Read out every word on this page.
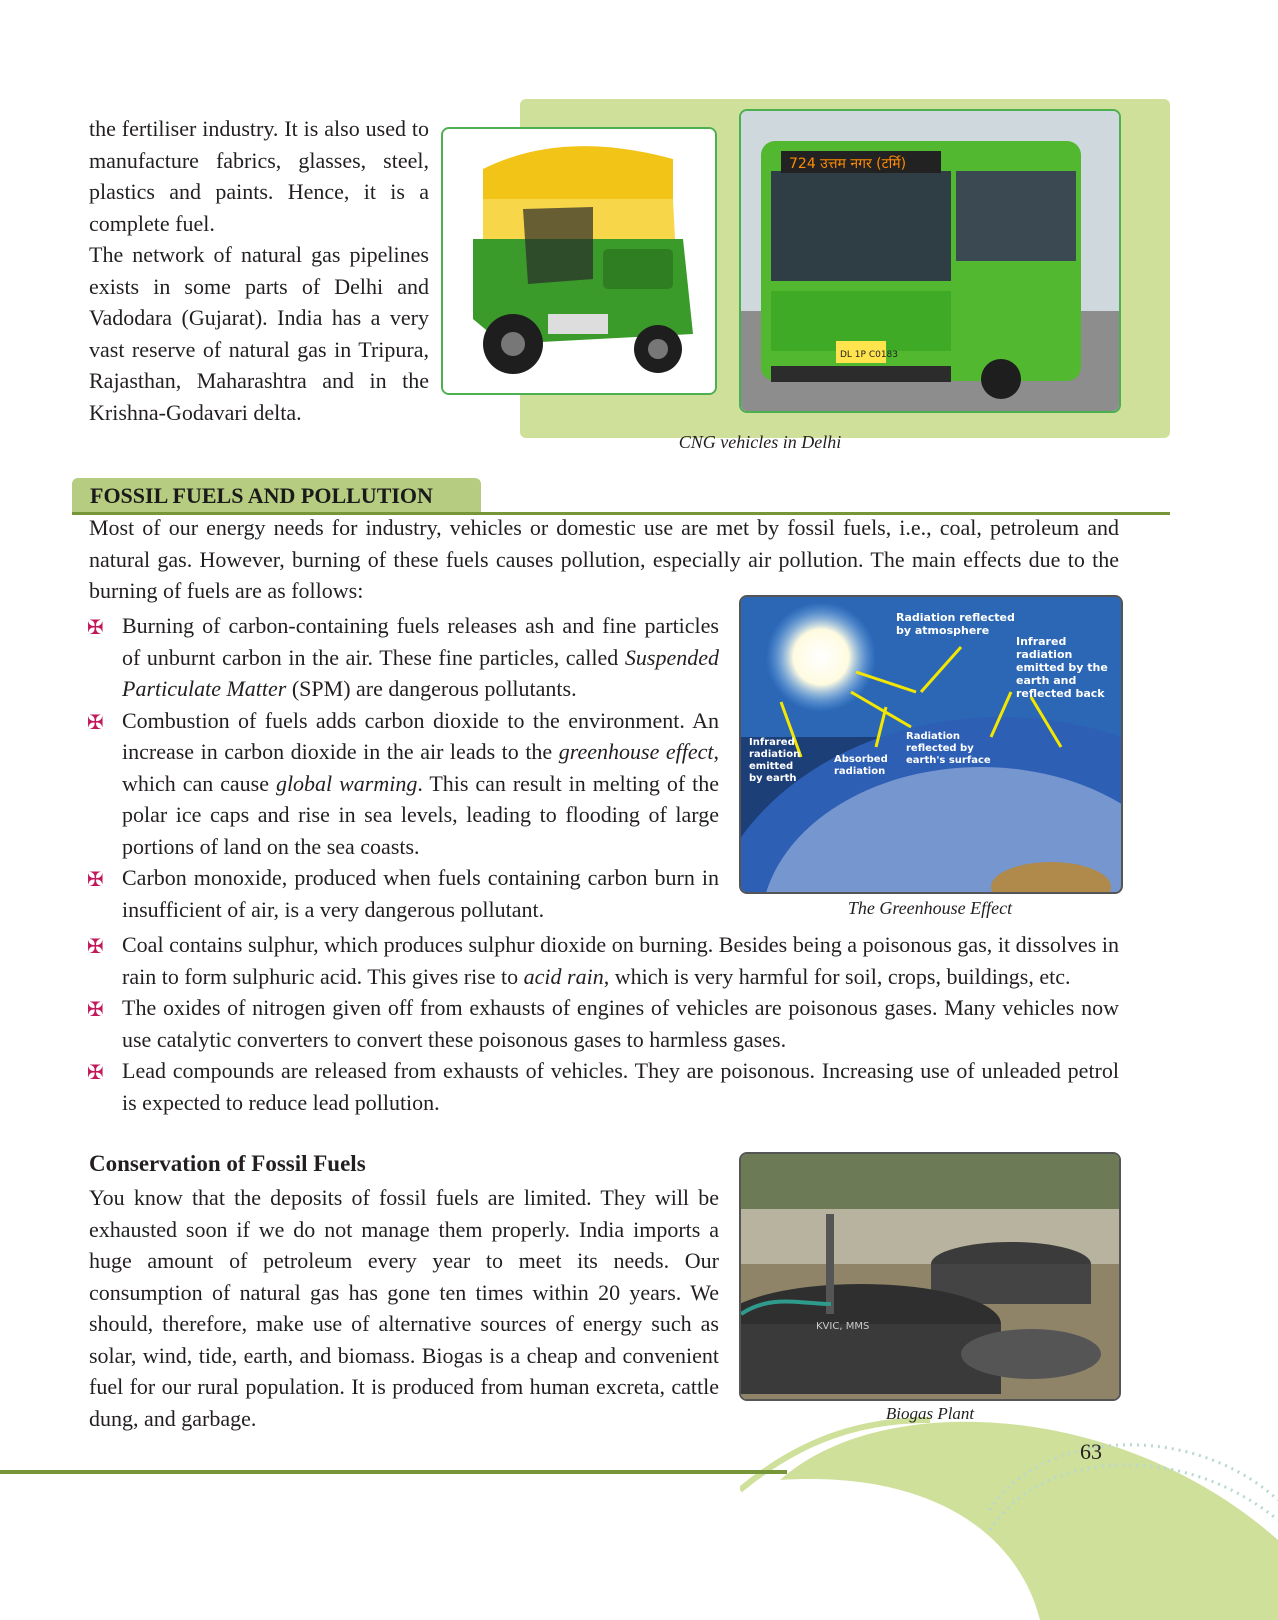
the fertiliser industry. It is also used to manufacture fabrics, glasses, steel, plastics and paints. Hence, it is a complete fuel.

The network of natural gas pipelines exists in some parts of Delhi and Vadodara (Gujarat). India has a very vast reserve of natural gas in Tripura, Rajasthan, Maharashtra and in the Krishna-Godavari delta.

724 उत्तम नगर (टर्मि)
DL 1P C0183
CNG vehicles in Delhi
FOSSIL FUELS AND POLLUTION
Most of our energy needs for industry, vehicles or domestic use are met by fossil fuels, i.e., coal, petroleum and natural gas. However, burning of these fuels causes pollution, especially air pollution. The main effects due to the burning of fuels are as follows:
Radiation reflected by atmosphere
Infrared radiation emitted by the earth and reflected back
Infrared radiation emitted by earth
Absorbed radiation
Radiation reflected by earth's surface
The Greenhouse Effect
✠ Burning of carbon-containing fuels releases ash and fine particles of unburnt carbon in the air. These fine particles, called Suspended Particulate Matter (SPM) are dangerous pollutants.
✠ Combustion of fuels adds carbon dioxide to the environment. An increase in carbon dioxide in the air leads to the greenhouse effect, which can cause global warming. This can result in melting of the polar ice caps and rise in sea levels, leading to flooding of large portions of land on the sea coasts.
✠ Carbon monoxide, produced when fuels containing carbon burn in insufficient of air, is a very dangerous pollutant.
✠ Coal contains sulphur, which produces sulphur dioxide on burning. Besides being a poisonous gas, it dissolves in rain to form sulphuric acid. This gives rise to acid rain, which is very harmful for soil, crops, buildings, etc.
✠ The oxides of nitrogen given off from exhausts of engines of vehicles are poisonous gases. Many vehicles now use catalytic converters to convert these poisonous gases to harmless gases.
✠ Lead compounds are released from exhausts of vehicles. They are poisonous. Increasing use of unleaded petrol is expected to reduce lead pollution.
Conservation of Fossil Fuels
You know that the deposits of fossil fuels are limited. They will be exhausted soon if we do not manage them properly. India imports a huge amount of petroleum every year to meet its needs. Our consumption of natural gas has gone ten times within 20 years. We should, therefore, make use of alternative sources of energy such as solar, wind, tide, earth, and biomass. Biogas is a cheap and convenient fuel for our rural population. It is produced from human excreta, cattle dung, and garbage.
KVIC, MMS
Biogas Plant
63
